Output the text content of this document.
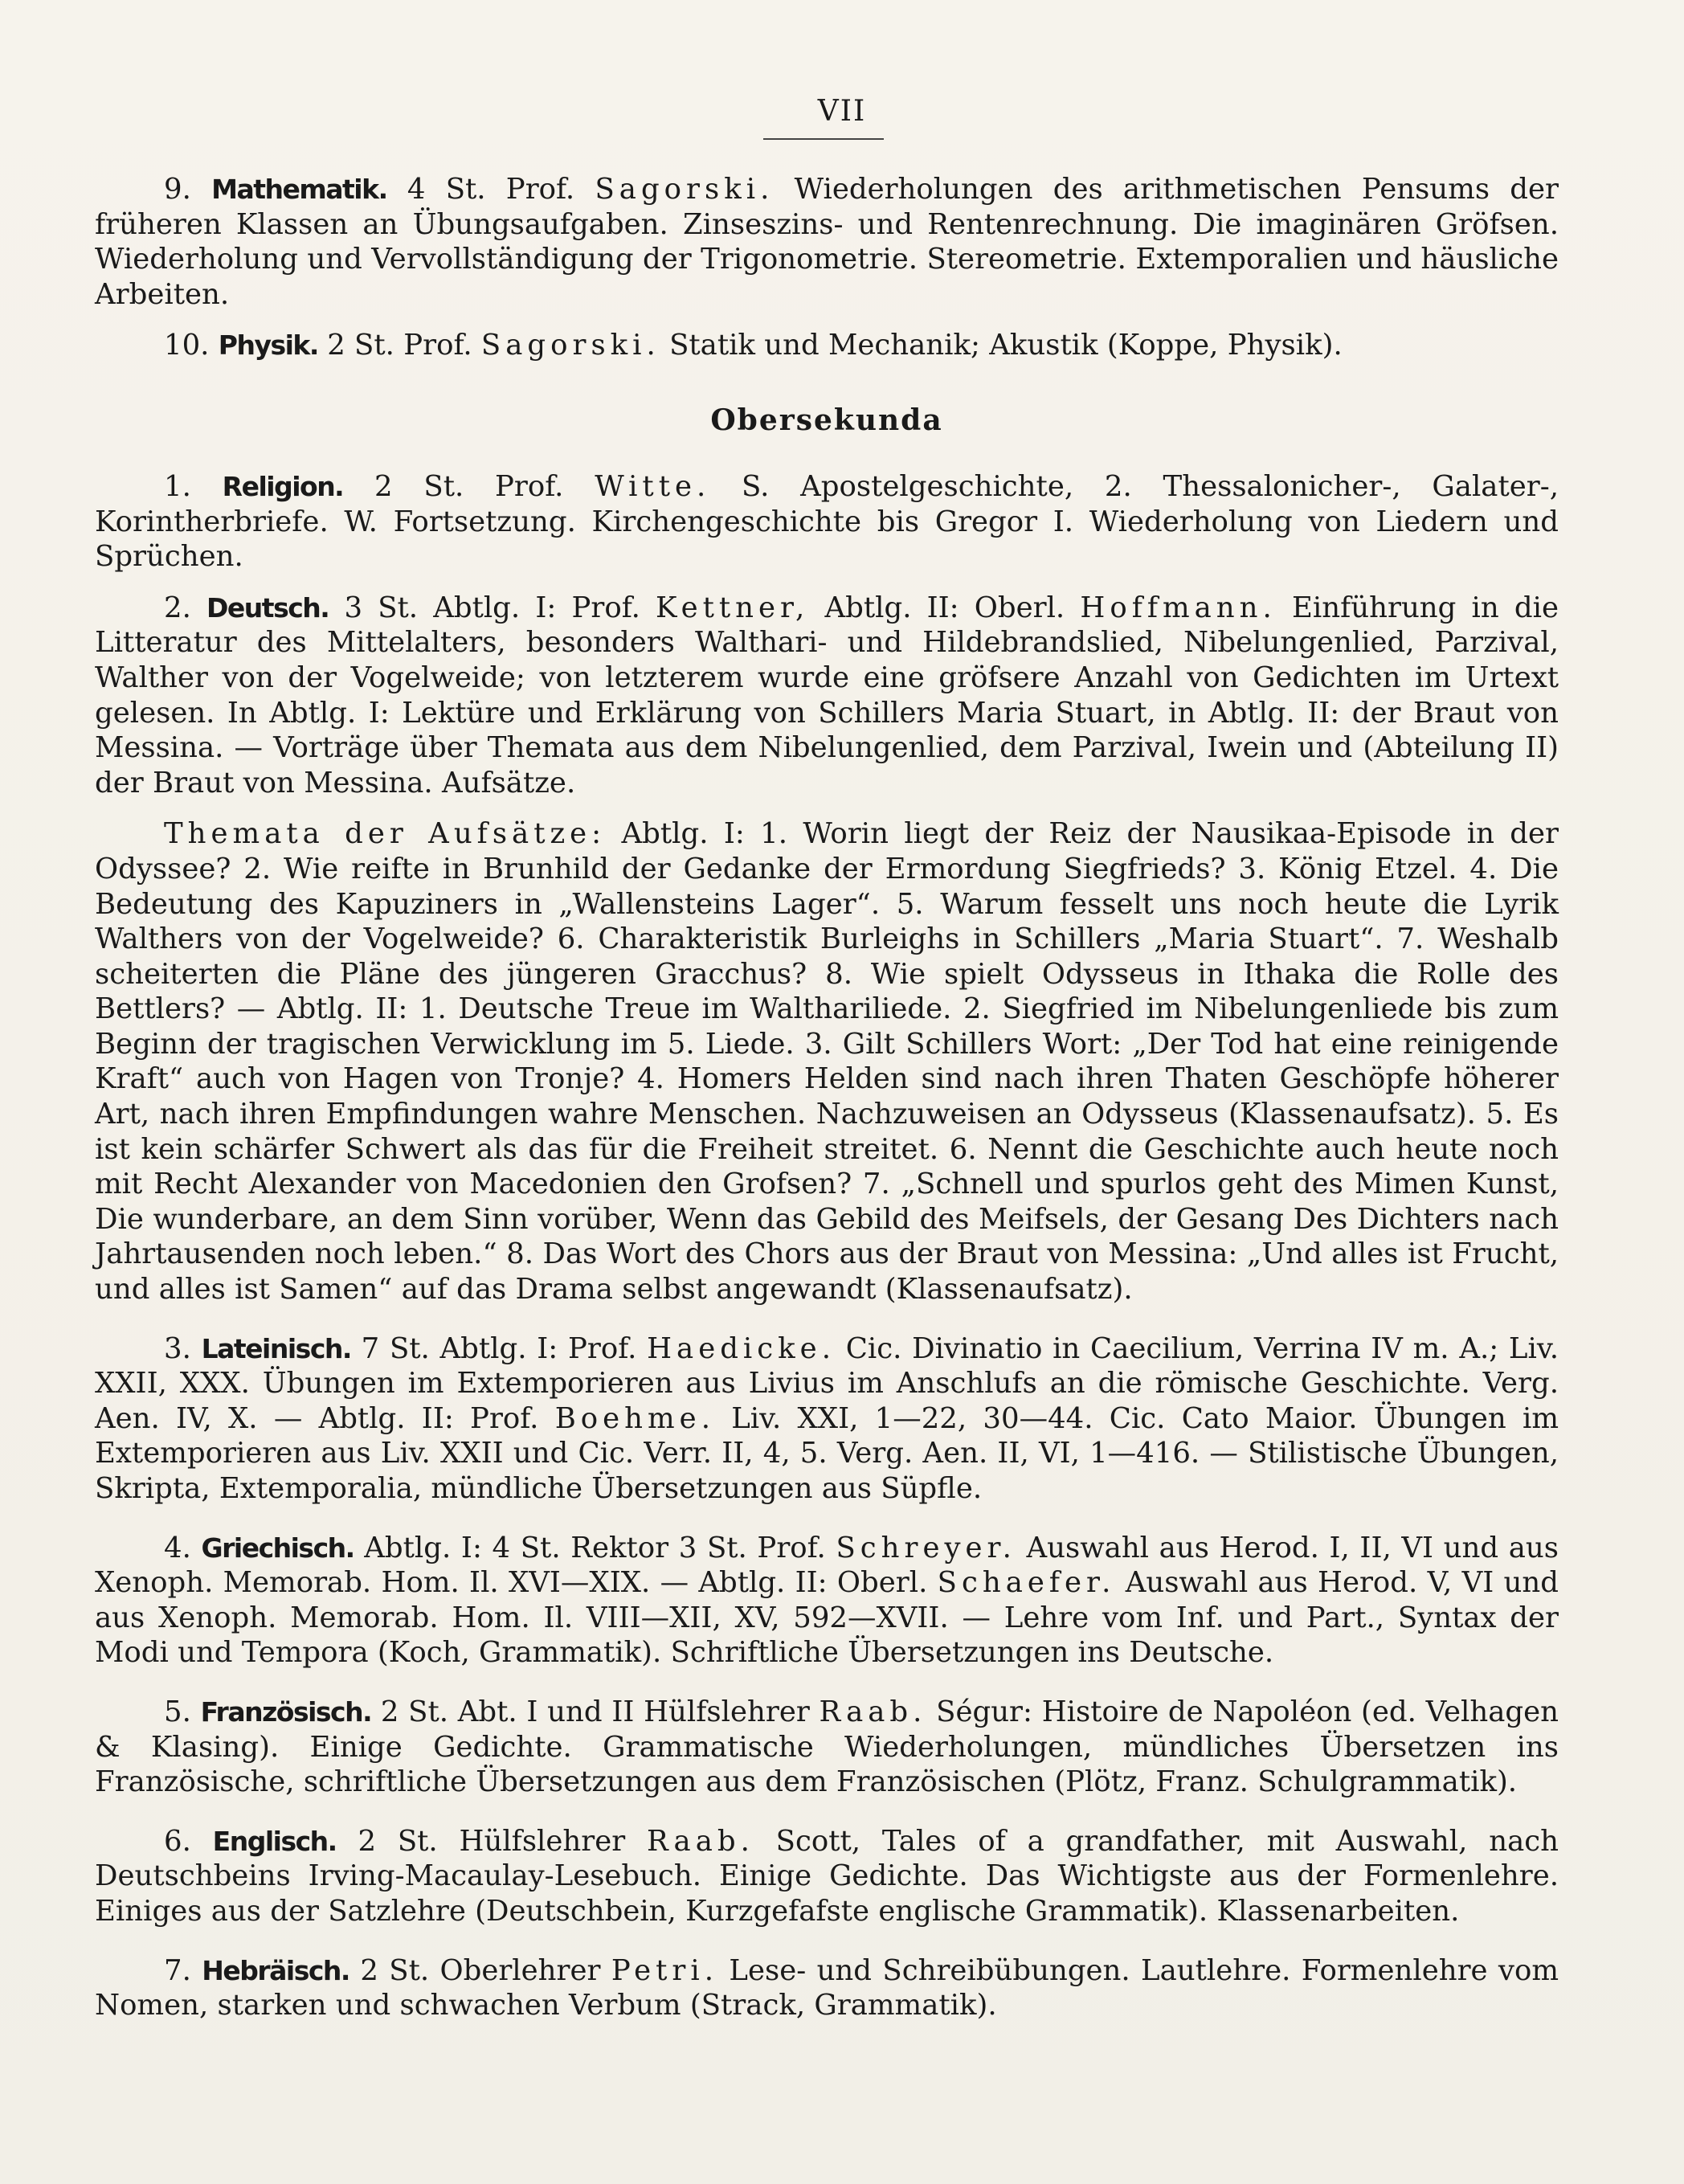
VII

9. Mathematik. 4 St. Prof. Sagorski. Wiederholungen des arithmetischen Pensums der früheren Klassen an Übungsaufgaben. Zinseszins- und Rentenrechnung. Die imaginären Gröfsen. Wiederholung und Vervollständigung der Trigonometrie. Stereometrie. Extemporalien und häusliche Arbeiten.

10. Physik. 2 St. Prof. Sagorski. Statik und Mechanik; Akustik (Koppe, Physik).

Obersekunda

1. Religion. 2 St. Prof. Witte. S. Apostelgeschichte, 2. Thessalonicher-, Galater-, Korintherbriefe. W. Fortsetzung. Kirchengeschichte bis Gregor I. Wiederholung von Liedern und Sprüchen.

2. Deutsch. 3 St. Abtlg. I: Prof. Kettner, Abtlg. II: Oberl. Hoffmann. Einführung in die Litteratur des Mittelalters, besonders Walthari- und Hildebrandslied, Nibelungenlied, Parzival, Walther von der Vogelweide; von letzterem wurde eine gröfsere Anzahl von Gedichten im Urtext gelesen. In Abtlg. I: Lektüre und Erklärung von Schillers Maria Stuart, in Abtlg. II: der Braut von Messina. — Vorträge über Themata aus dem Nibelungenlied, dem Parzival, Iwein und (Abteilung II) der Braut von Messina. Aufsätze.

Themata der Aufsätze: Abtlg. I: 1. Worin liegt der Reiz der Nausikaa-Episode in der Odyssee? 2. Wie reifte in Brunhild der Gedanke der Ermordung Siegfrieds? 3. König Etzel. 4. Die Bedeutung des Kapuziners in „Wallensteins Lager“. 5. Warum fesselt uns noch heute die Lyrik Walthers von der Vogelweide? 6. Charakteristik Burleighs in Schillers „Maria Stuart“. 7. Weshalb scheiterten die Pläne des jüngeren Gracchus? 8. Wie spielt Odysseus in Ithaka die Rolle des Bettlers? — Abtlg. II: 1. Deutsche Treue im Walthariliede. 2. Siegfried im Nibelungenliede bis zum Beginn der tragischen Verwicklung im 5. Liede. 3. Gilt Schillers Wort: „Der Tod hat eine reinigende Kraft“ auch von Hagen von Tronje? 4. Homers Helden sind nach ihren Thaten Geschöpfe höherer Art, nach ihren Empfindungen wahre Menschen. Nachzuweisen an Odysseus (Klassenaufsatz). 5. Es ist kein schärfer Schwert als das für die Freiheit streitet. 6. Nennt die Geschichte auch heute noch mit Recht Alexander von Macedonien den Grofsen? 7. „Schnell und spurlos geht des Mimen Kunst, Die wunderbare, an dem Sinn vorüber, Wenn das Gebild des Meifsels, der Gesang Des Dichters nach Jahrtausenden noch leben.“ 8. Das Wort des Chors aus der Braut von Messina: „Und alles ist Frucht, und alles ist Samen“ auf das Drama selbst angewandt (Klassenaufsatz).

3. Lateinisch. 7 St. Abtlg. I: Prof. Haedicke. Cic. Divinatio in Caecilium, Verrina IV m. A.; Liv. XXII, XXX. Übungen im Extemporieren aus Livius im Anschlufs an die römische Geschichte. Verg. Aen. IV, X. — Abtlg. II: Prof. Boehme. Liv. XXI, 1—22, 30—44. Cic. Cato Maior. Übungen im Extemporieren aus Liv. XXII und Cic. Verr. II, 4, 5. Verg. Aen. II, VI, 1—416. — Stilistische Übungen, Skripta, Extemporalia, mündliche Übersetzungen aus Süpfle.

4. Griechisch. Abtlg. I: 4 St. Rektor 3 St. Prof. Schreyer. Auswahl aus Herod. I, II, VI und aus Xenoph. Memorab. Hom. Il. XVI—XIX. — Abtlg. II: Oberl. Schaefer. Auswahl aus Herod. V, VI und aus Xenoph. Memorab. Hom. Il. VIII—XII, XV, 592—XVII. — Lehre vom Inf. und Part., Syntax der Modi und Tempora (Koch, Grammatik). Schriftliche Übersetzungen ins Deutsche.

5. Französisch. 2 St. Abt. I und II Hülfslehrer Raab. Ségur: Histoire de Napoléon (ed. Velhagen & Klasing). Einige Gedichte. Grammatische Wiederholungen, mündliches Übersetzen ins Französische, schriftliche Übersetzungen aus dem Französischen (Plötz, Franz. Schulgrammatik).

6. Englisch. 2 St. Hülfslehrer Raab. Scott, Tales of a grandfather, mit Auswahl, nach Deutschbeins Irving-Macaulay-Lesebuch. Einige Gedichte. Das Wichtigste aus der Formenlehre. Einiges aus der Satzlehre (Deutschbein, Kurzgefafste englische Grammatik). Klassenarbeiten.

7. Hebräisch. 2 St. Oberlehrer Petri. Lese- und Schreibübungen. Lautlehre. Formenlehre vom Nomen, starken und schwachen Verbum (Strack, Grammatik).
